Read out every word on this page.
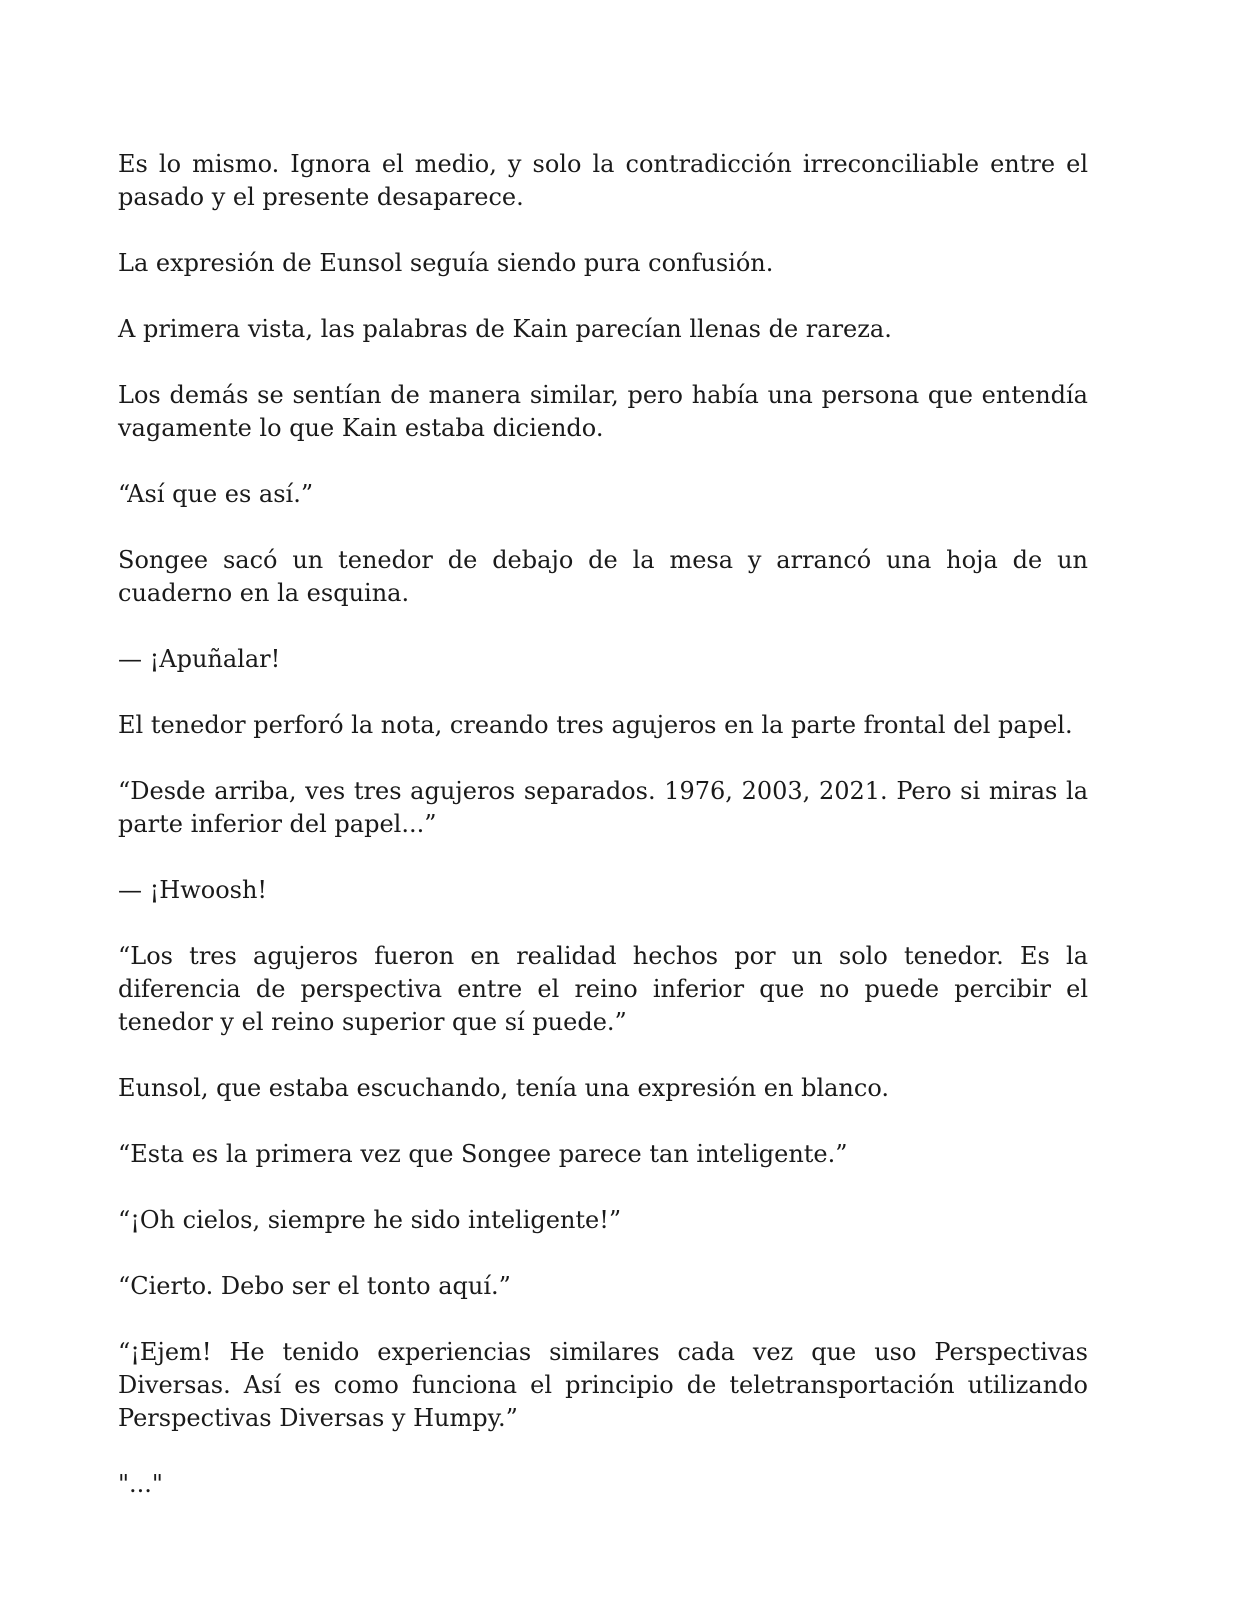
Es lo mismo. Ignora el medio, y solo la contradicción irreconciliable entre el pasado y el presente desaparece.

La expresión de Eunsol seguía siendo pura confusión.

A primera vista, las palabras de Kain parecían llenas de rareza.

Los demás se sentían de manera similar, pero había una persona que entendía vagamente lo que Kain estaba diciendo.

“Así que es así.”

Songee sacó un tenedor de debajo de la mesa y arrancó una hoja de un cuaderno en la esquina.

— ¡Apuñalar!

El tenedor perforó la nota, creando tres agujeros en la parte frontal del papel.

“Desde arriba, ves tres agujeros separados. 1976, 2003, 2021. Pero si miras la parte inferior del papel...”

— ¡Hwoosh!

“Los tres agujeros fueron en realidad hechos por un solo tenedor. Es la diferencia de perspectiva entre el reino inferior que no puede percibir el tenedor y el reino superior que sí puede.”

Eunsol, que estaba escuchando, tenía una expresión en blanco.

“Esta es la primera vez que Songee parece tan inteligente.”

“¡Oh cielos, siempre he sido inteligente!”

“Cierto. Debo ser el tonto aquí.”

“¡Ejem! He tenido experiencias similares cada vez que uso Perspectivas Diversas. Así es como funciona el principio de teletransportación utilizando Perspectivas Diversas y Humpy.”

"..."
